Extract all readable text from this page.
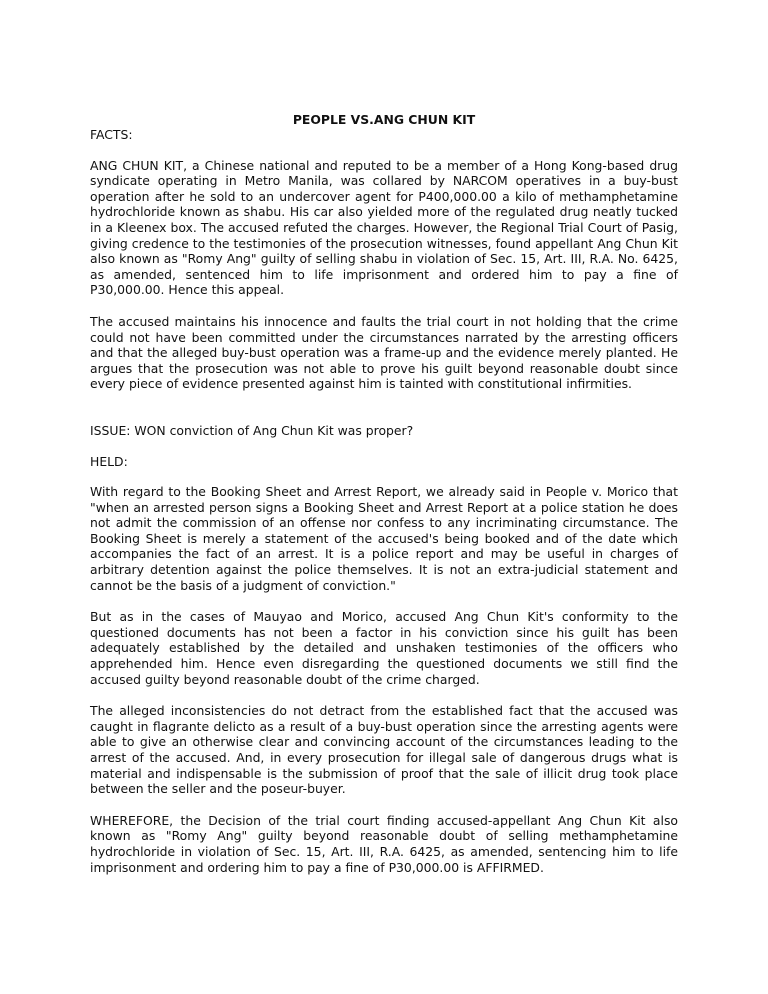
PEOPLE VS.ANG CHUN KIT

FACTS:

ANG CHUN KIT, a Chinese national and reputed to be a member of a Hong Kong-based drug syndicate operating in Metro Manila, was collared by NARCOM operatives in a buy-bust operation after he sold to an undercover agent for P400,000.00 a kilo of methamphetamine hydrochloride known as shabu. His car also yielded more of the regulated drug neatly tucked in a Kleenex box. The accused refuted the charges. However, the Regional Trial Court of Pasig, giving credence to the testimonies of the prosecution witnesses, found appellant Ang Chun Kit also known as "Romy Ang" guilty of selling shabu in violation of Sec. 15, Art. III, R.A. No. 6425, as amended, sentenced him to life imprisonment and ordered him to pay a fine of P30,000.00. Hence this appeal.

The accused maintains his innocence and faults the trial court in not holding that the crime could not have been committed under the circumstances narrated by the arresting officers and that the alleged buy-bust operation was a frame-up and the evidence merely planted. He argues that the prosecution was not able to prove his guilt beyond reasonable doubt since every piece of evidence presented against him is tainted with constitutional infirmities.

ISSUE: WON conviction of Ang Chun Kit was proper?

HELD:

With regard to the Booking Sheet and Arrest Report, we already said in People v. Morico that "when an arrested person signs a Booking Sheet and Arrest Report at a police station he does not admit the commission of an offense nor confess to any incriminating circumstance. The Booking Sheet is merely a statement of the accused's being booked and of the date which accompanies the fact of an arrest. It is a police report and may be useful in charges of arbitrary detention against the police themselves. It is not an extra-judicial statement and cannot be the basis of a judgment of conviction."

But as in the cases of Mauyao and Morico, accused Ang Chun Kit's conformity to the questioned documents has not been a factor in his conviction since his guilt has been adequately established by the detailed and unshaken testimonies of the officers who apprehended him. Hence even disregarding the questioned documents we still find the accused guilty beyond reasonable doubt of the crime charged.

The alleged inconsistencies do not detract from the established fact that the accused was caught in flagrante delicto as a result of a buy-bust operation since the arresting agents were able to give an otherwise clear and convincing account of the circumstances leading to the arrest of the accused. And, in every prosecution for illegal sale of dangerous drugs what is material and indispensable is the submission of proof that the sale of illicit drug took place between the seller and the poseur-buyer.

WHEREFORE, the Decision of the trial court finding accused-appellant Ang Chun Kit also known as "Romy Ang" guilty beyond reasonable doubt of selling methamphetamine hydrochloride in violation of Sec. 15, Art. III, R.A. 6425, as amended, sentencing him to life imprisonment and ordering him to pay a fine of P30,000.00 is AFFIRMED.
